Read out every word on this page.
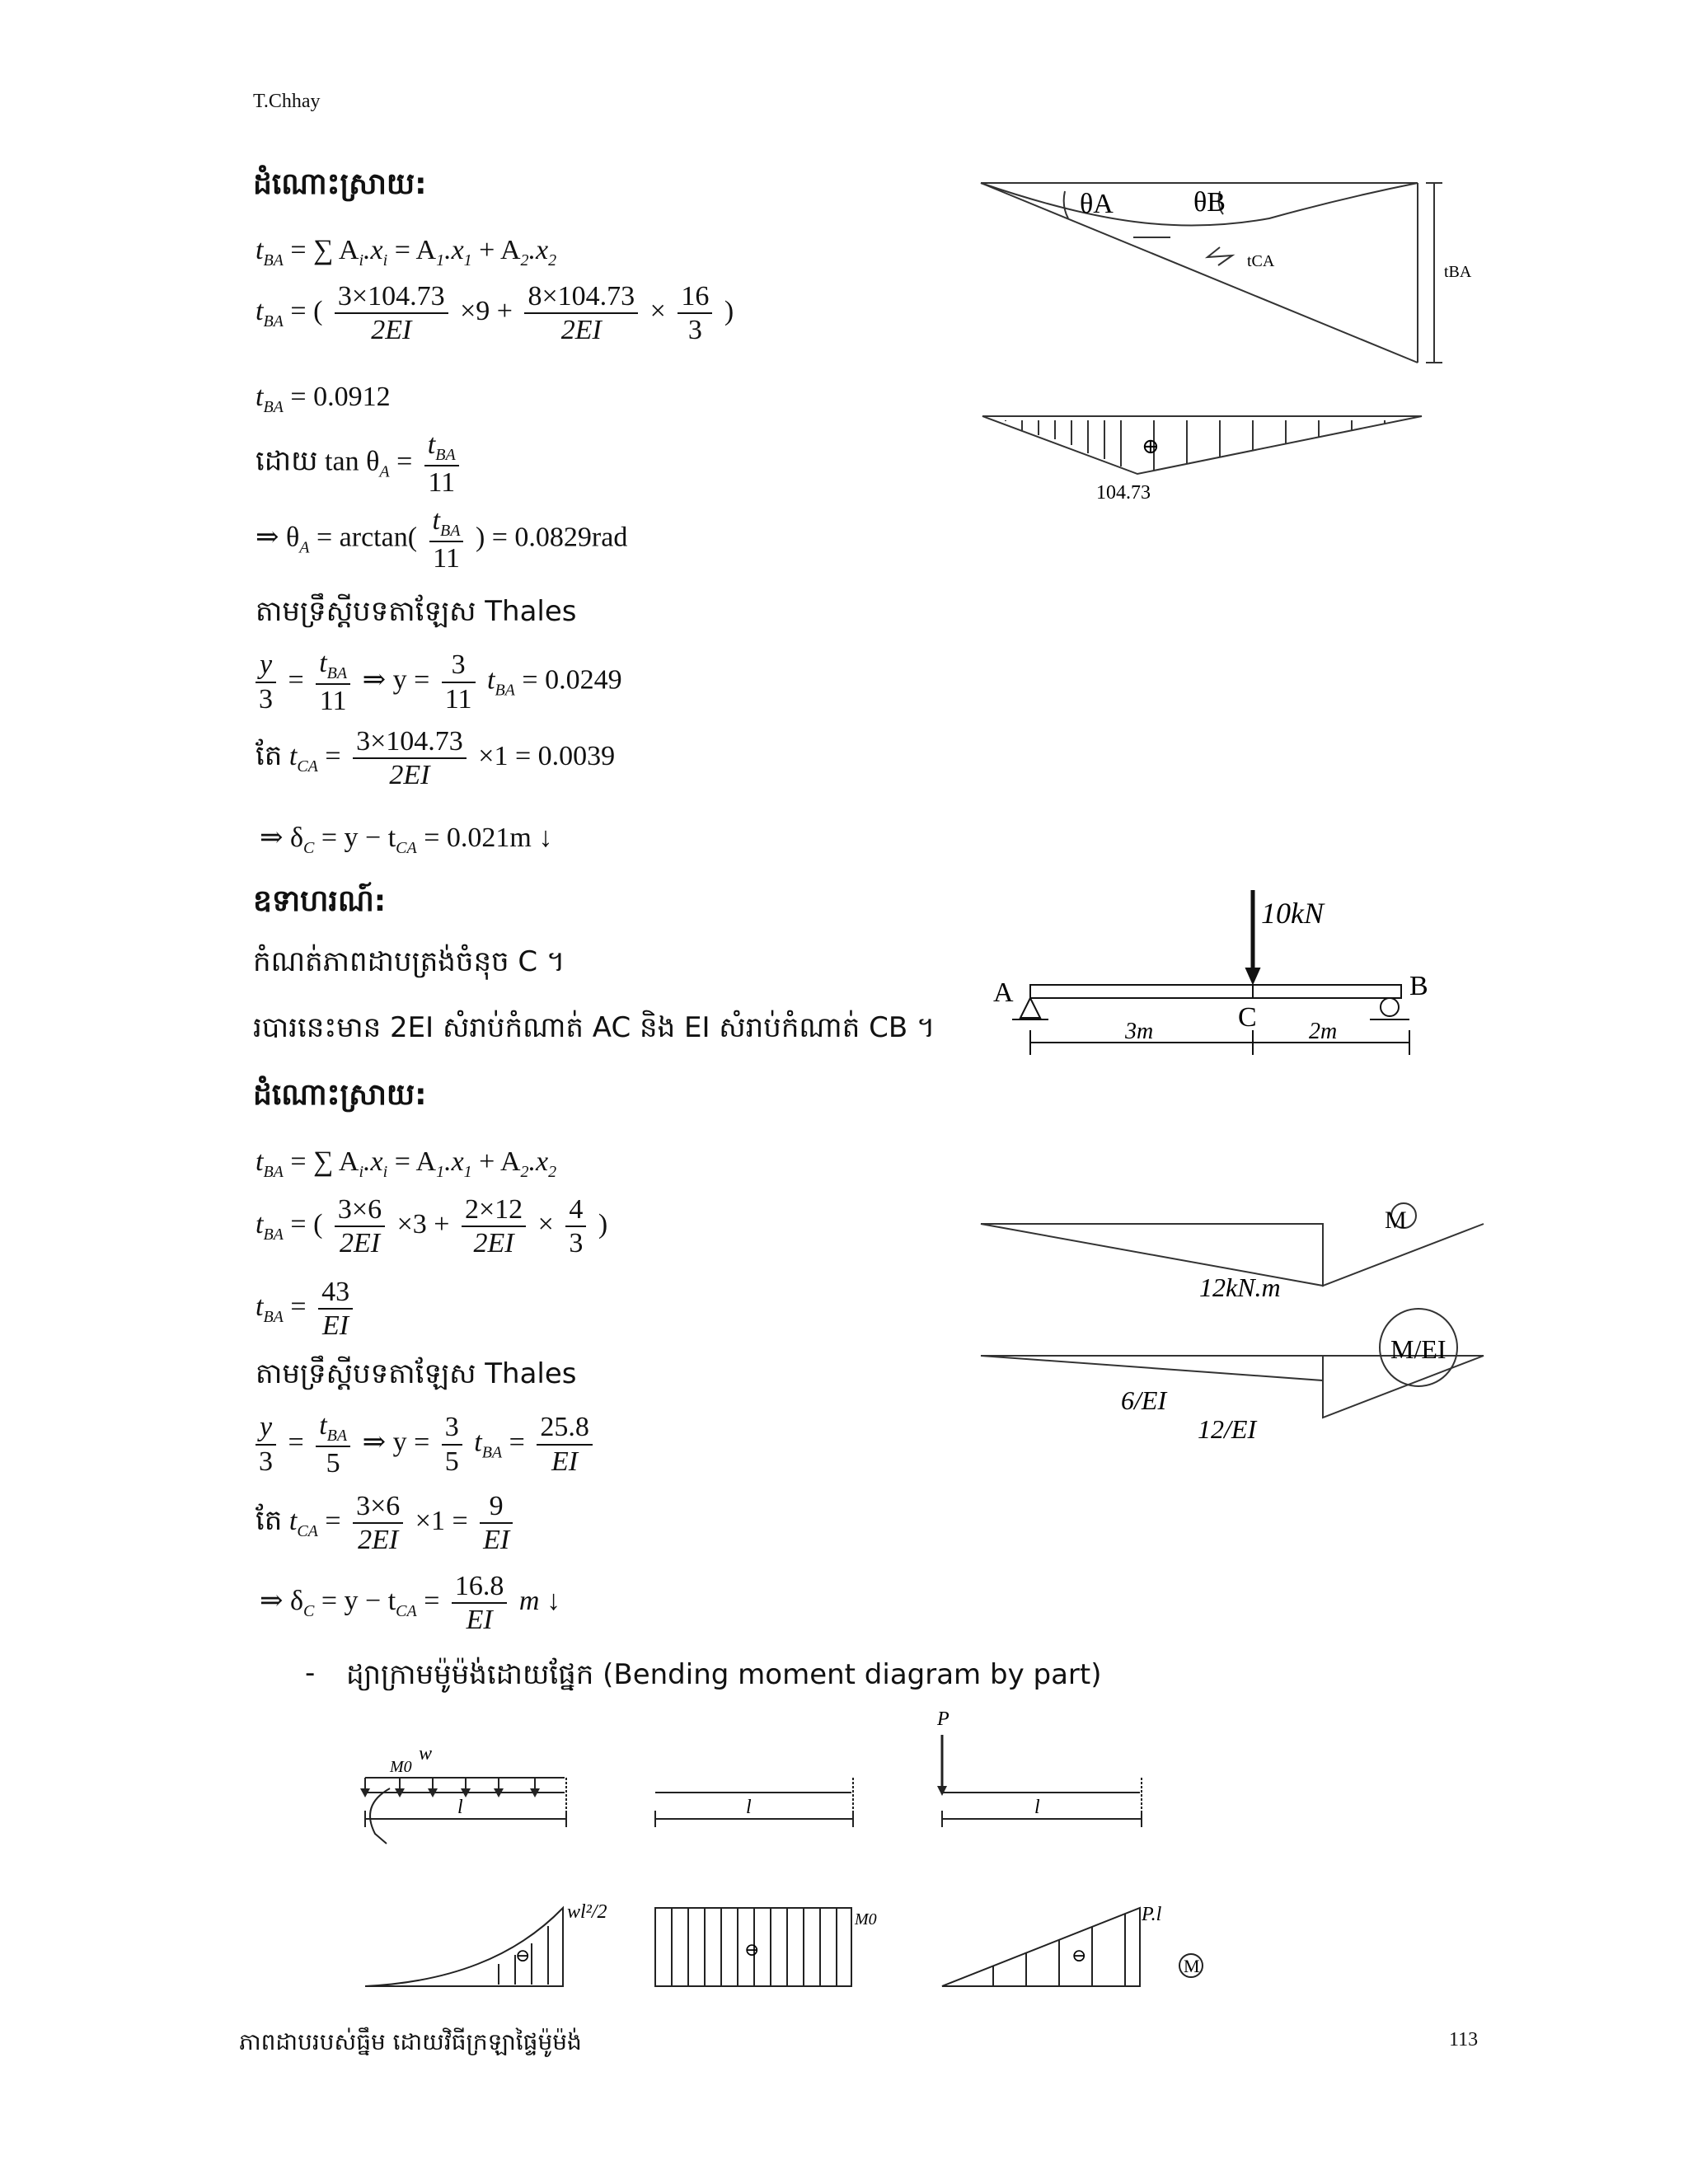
T.Chhay
ដំណោះស្រាយ:
$t_{BA}$ = ∑ $A_i.x_i = A_1.x_1 + A_2.x_2$
$t_{BA}$ = ( $\frac{3\times 104.73}{2EI} \times 9 + \frac{8\times 104.73}{2EI} \times \frac{16}{3}$ )
$t_{BA} = 0.0912$
ដោយ $\tan \theta_A = \frac{t_{BA}}{11}$
⇒ $\theta_A = \arctan( \frac{t_{BA}}{11}$ ) = 0.0829rad
តាមទ្រឹស្តីបទតាឡែស Thales
$\frac{y}{3} = \frac{t_{BA}}{11}$ ⇒ $y = \frac{3}{11} t_{BA} = 0.0249$
តែ $t_{CA} = \frac{3\times 104.73}{2EI} \times 1 = 0.0039$
⇒ $\delta_C = y - t_{CA} = 0.021m$ ↓
ឧទាហរណ៍:
កំណត់ភាពដាបត្រង់ចំនុច C ។
របារនេះមាន 2EI សំរាប់កំណាត់ AC និង EI សំរាប់កំណាត់ CB ។
ដំណោះស្រាយ:
$t_{BA}$ = ∑ $A_i.x_i = A_1.x_1 + A_2.x_2$
$t_{BA}$ = ( $\frac{3\times 6}{2EI} \times 3 + \frac{2\times 12}{2EI} \times \frac{4}{3}$ )
$t_{BA} = \frac{43}{EI}$
តាមទ្រឹស្តីបទតាឡែស Thales
$\frac{y}{3} = \frac{t_{BA}}{5}$ ⇒ $y = \frac{3}{5} t_{BA} = \frac{25.8}{EI}$
តែ $t_{CA} = \frac{3\times 6}{2EI} \times 1 = \frac{9}{EI}$
⇒ $\delta_C = y - t_{CA} = \frac{16.8}{EI}$ m ↓
- ដ្យាក្រាមម៉ូម៉ង់ដោយផ្នែក (Bending moment diagram by part)
θA	θB
tCA
tBA
⊕
104.73
10kN
A	B
C
3m	2m
12kN.m
M
M/EI
6/EI
12/EI
w
l
wl²/2
⊖
M0
l
M0
⊖
P
l
P.l
⊖
M
ភាពដាបរបស់ធ្នឹម ដោយវិធីក្រឡាផ្ទៃម៉ូម៉ង់	113
